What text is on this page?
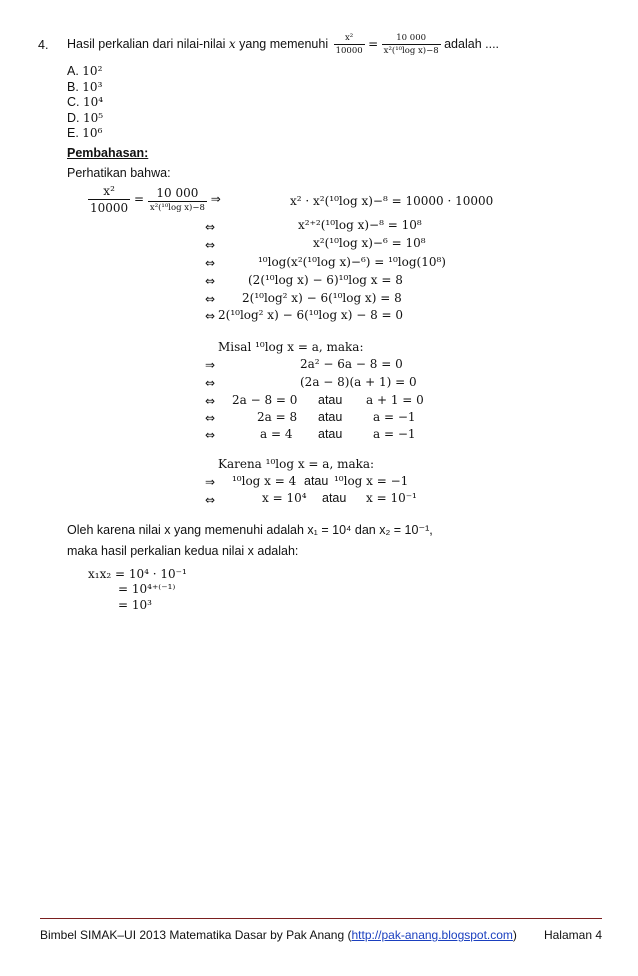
4. Hasil perkalian dari nilai-nilai x yang memenuhi $\frac{\text{x²}}{10000} = \frac{10 000}{\text{x²(¹⁰log x)−8}}$ adalah ....
A. 10²
B. 10³
C. 10⁴
D. 10⁵
E. 10⁶
Pembahasan:
Perhatikan bahwa:
$\frac{\text{x²}}{10000} = \frac{10 000}{\text{x²(¹⁰log x)−8}}$ ⇒	x² · x²(¹⁰log x)−⁸ = 10000 · 10000
⇔	x²⁺²(¹⁰log x)−⁸ = 10⁸
⇔	x²(¹⁰log x)−⁶ = 10⁸
⇔	¹⁰log(x²(¹⁰log x)−⁶) = ¹⁰log(10⁸)
⇔	(2(¹⁰log x) − 6)¹⁰log x = 8
⇔ 2(¹⁰log² x) − 6(¹⁰log x) = 8
⇔ 2(¹⁰log² x) − 6(¹⁰log x) − 8 = 0
Misal ¹⁰log x = a, maka:
⇒	2a² − 6a − 8 = 0
⇔	(2a − 8)(a + 1) = 0
⇔ 2a − 8 = 0 atau a + 1 = 0
⇔	2a = 8 atau	a = −1
⇔	a = 4 atau	a = −1
Karena ¹⁰log x = a, maka:
⇒ ¹⁰log x = 4 atau ¹⁰log x = −1
⇔	x = 10⁴ atau x = 10⁻¹
Oleh karena nilai x yang memenuhi adalah x₁ = 10⁴ dan x₂ = 10⁻¹,
maka hasil perkalian kedua nilai x adalah:
x₁x₂ = 10⁴ · 10⁻¹
= 10⁴⁺⁽⁻¹⁾
= 10³
Bimbel SIMAK–UI 2013 Matematika Dasar by Pak Anang (http://pak-anang.blogspot.com) Halaman 4
